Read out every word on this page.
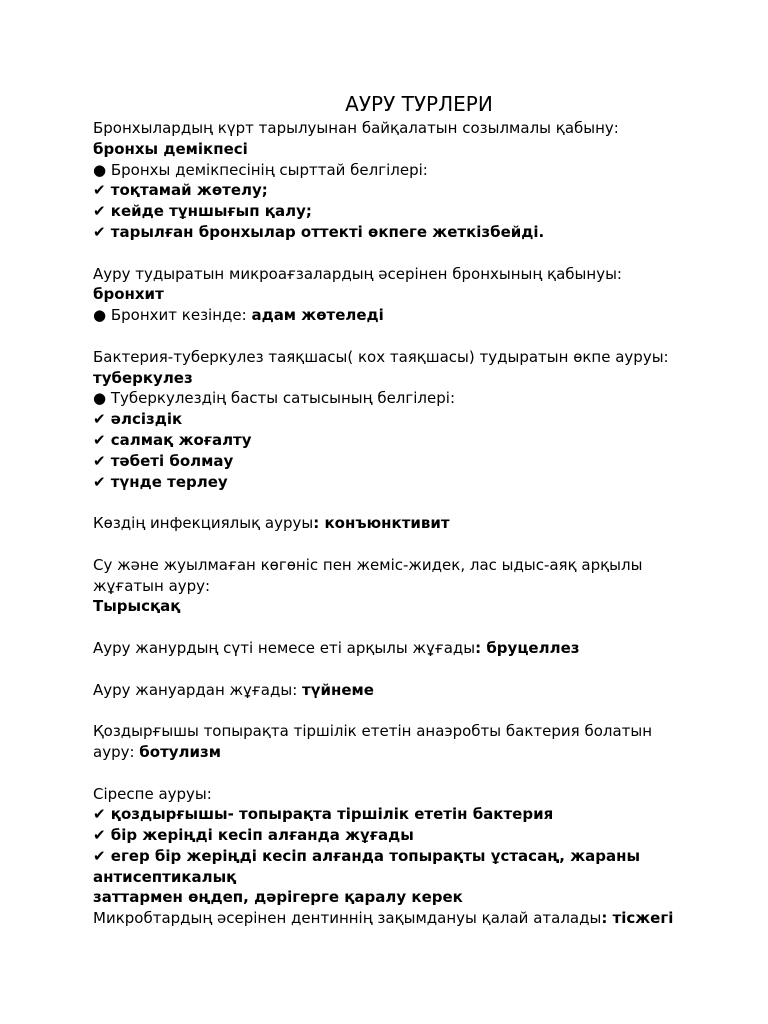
АУРУ ТУРЛЕРИ

Бронхылардың күрт тарылуынан байқалатын созылмалы қабыну:

бронхы демікпесі

● Бронхы демікпесінің сырттай белгілері:

✔ тоқтамай жөтелу;

✔ кейде тұншығып қалу;

✔ тарылған бронхылар оттекті өкпеге жеткізбейді.

Ауру тудыратын микроағзалардың әсерінен бронхының қабынуы:

бронхит

● Бронхит кезінде: адам жөтеледі

Бактерия-туберкулез таяқшасы( кох таяқшасы) тудыратын өкпе ауруы:

туберкулез

● Туберкулездің басты сатысының белгілері:

✔ әлсіздік

✔ салмақ жоғалту

✔ тәбеті болмау

✔ түнде терлеу

Көздің инфекциялық ауруы: конъюнктивит

Су және жуылмаған көгөніс пен жеміс-жидек, лас ыдыс-аяқ арқылы

жұғатын ауру:

Тырысқақ

Ауру жанурдың сүті немесе еті арқылы жұғады: бруцеллез

Ауру жануардан жұғады: түйнеме

Қоздырғышы топырақта тіршілік ететін анаэробты бактерия болатын

ауру: ботулизм

Сіреспе ауруы:

✔ қоздырғышы- топырақта тіршілік ететін бактерия

✔ бір жеріңді кесіп алғанда жұғады

✔ егер бір жеріңді кесіп алғанда топырақты ұстасаң, жараны

антисептикалық

заттармен өңдеп, дәрігерге қаралу керек

Микробтардың әсерінен дентиннің зақымдануы қалай аталады: тісжегі
